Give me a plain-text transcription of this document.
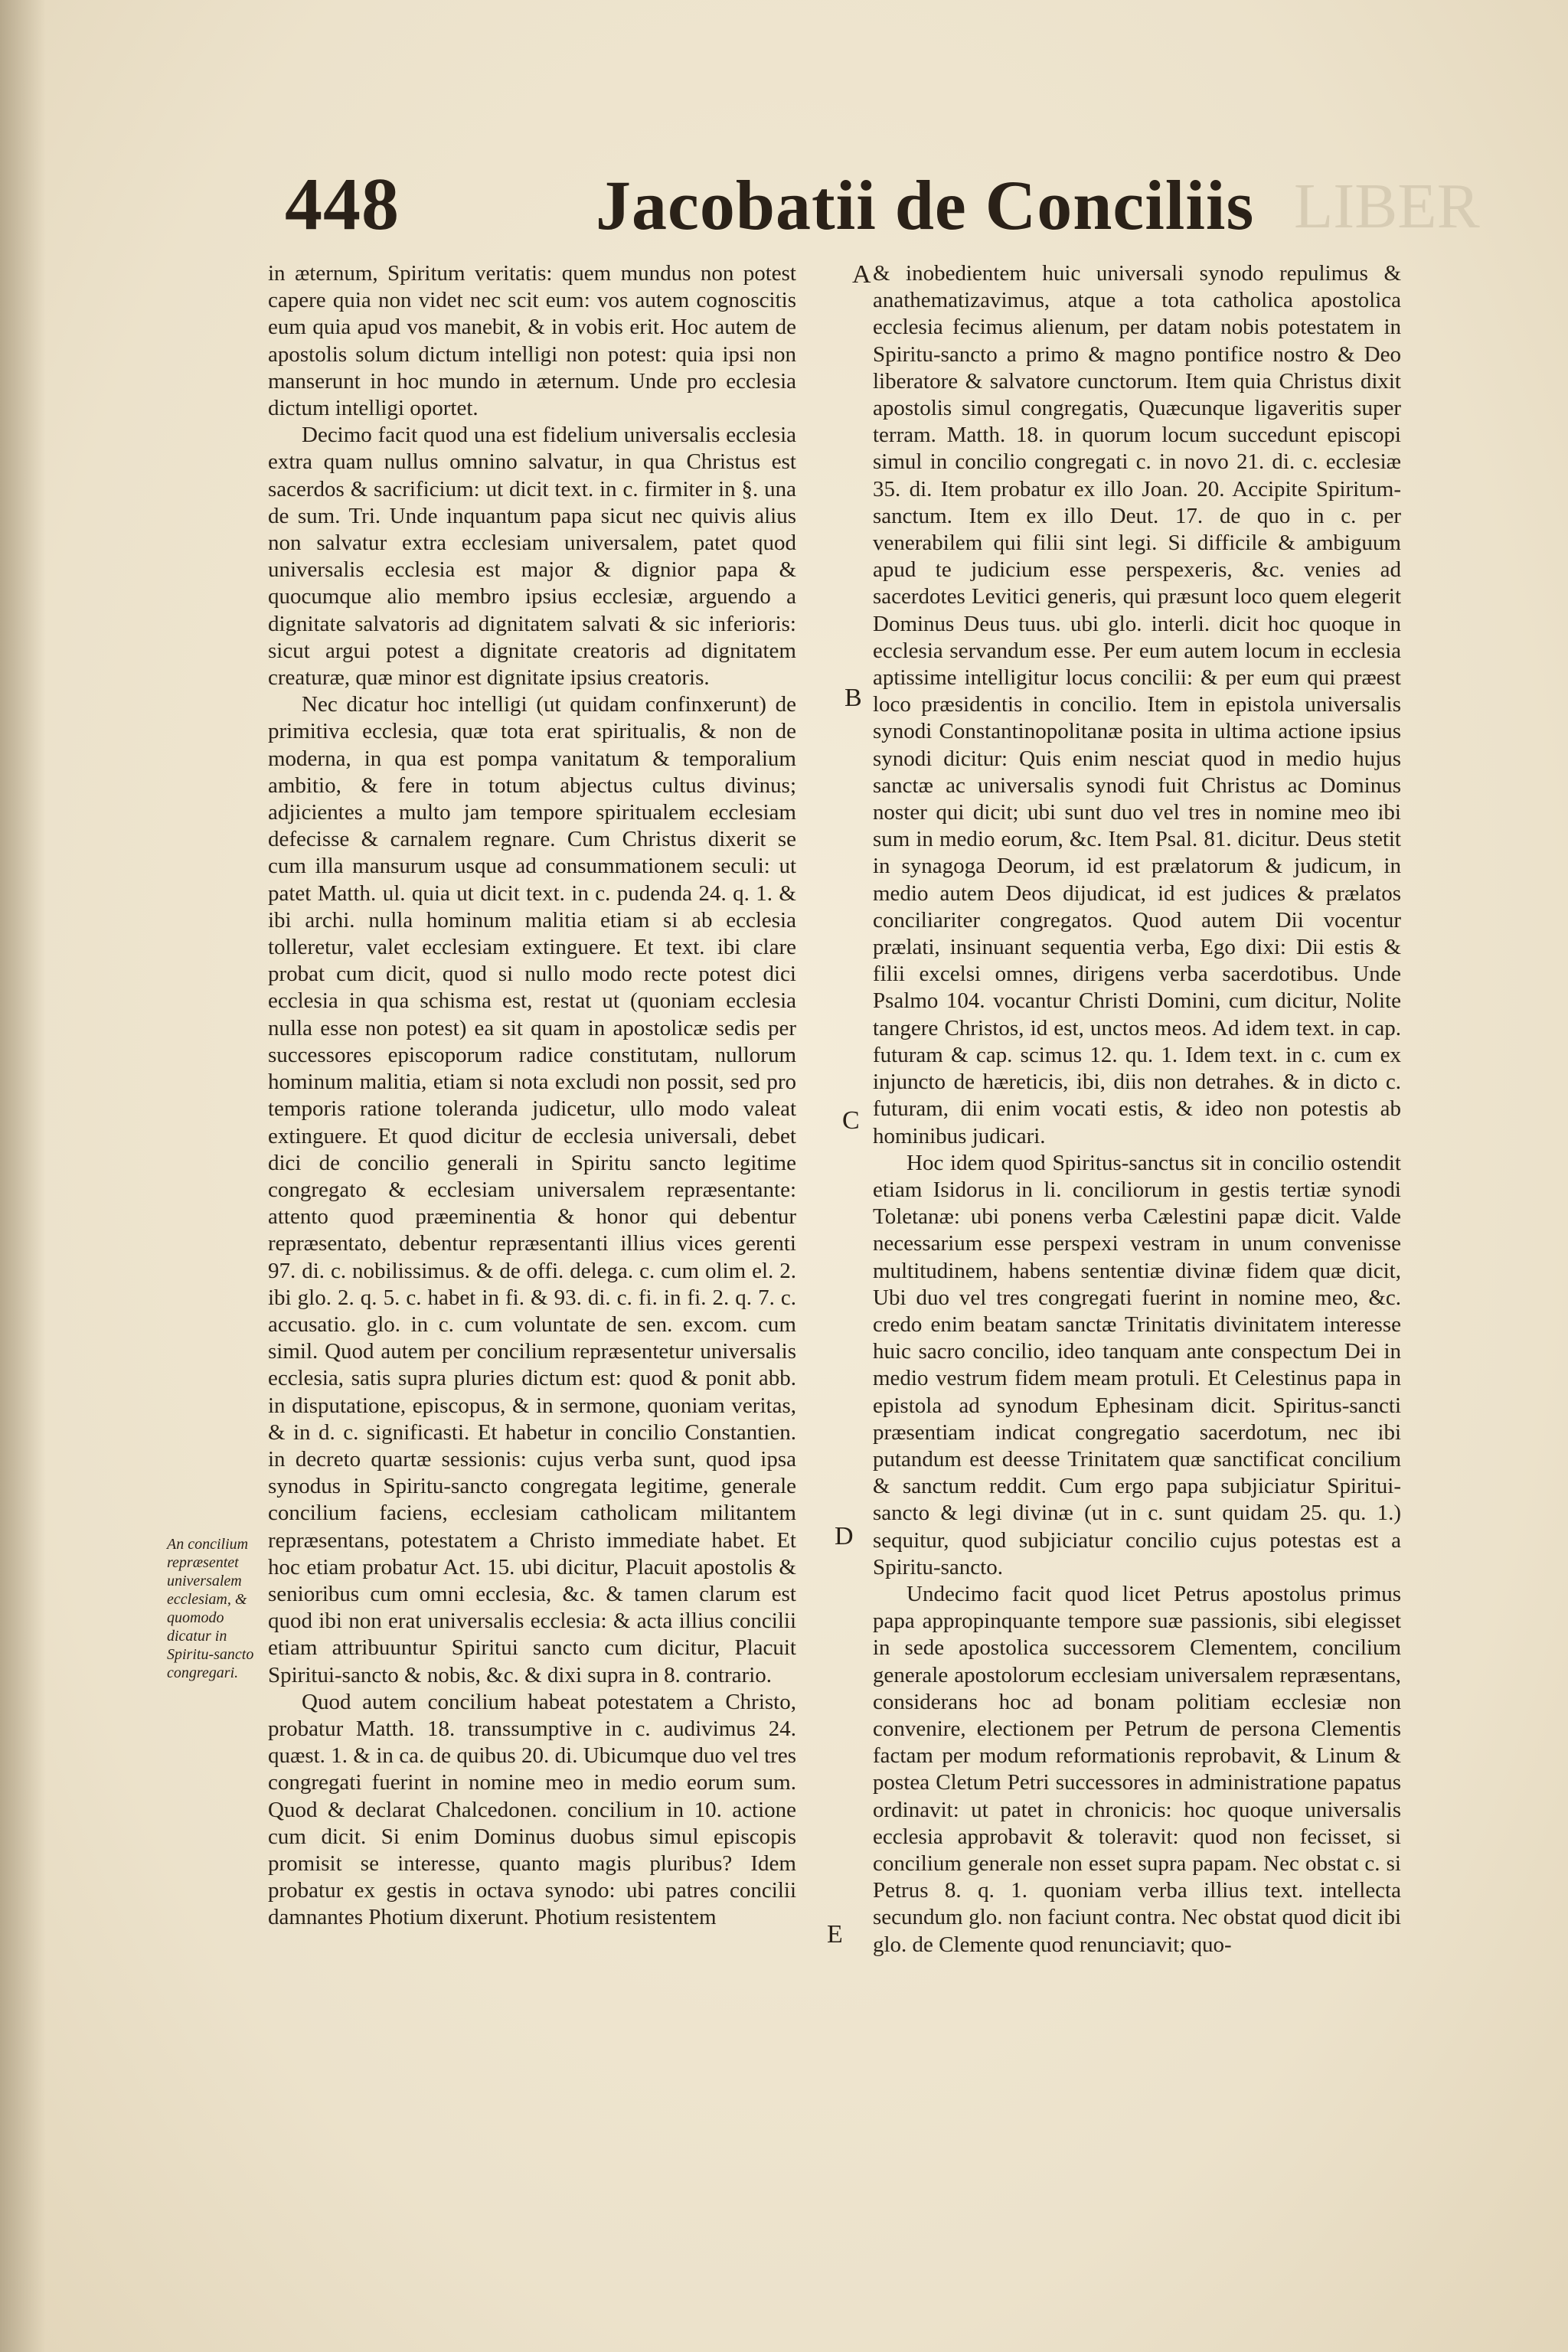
448	Jacobatii de Conciliis LIBER

in æternum, Spiritum veritatis: quem mundus non potest capere quia non videt nec scit eum: vos autem cognoscitis eum quia apud vos manebit, & in vobis erit. Hoc autem de apostolis solum dictum intelligi non potest: quia ipsi non manserunt in hoc mundo in æternum. Unde pro ecclesia dictum intelligi oportet.

Decimo facit quod una est fidelium universalis ecclesia extra quam nullus omnino salvatur, in qua Christus est sacerdos & sacrificium: ut dicit text. in c. firmiter in §. una de sum. Tri. Unde inquantum papa sicut nec quivis alius non salvatur extra ecclesiam universalem, patet quod universalis ecclesia est major & dignior papa & quocumque alio membro ipsius ecclesiæ, arguendo a dignitate salvatoris ad dignitatem salvati & sic inferioris: sicut argui potest a dignitate creatoris ad dignitatem creaturæ, quæ minor est dignitate ipsius creatoris.

Nec dicatur hoc intelligi (ut quidam confinxerunt) de primitiva ecclesia, quæ tota erat spiritualis, & non de moderna, in qua est pompa vanitatum & temporalium ambitio, & fere in totum abjectus cultus divinus; adjicientes a multo jam tempore spiritualem ecclesiam defecisse & carnalem regnare. Cum Christus dixerit se cum illa mansurum usque ad consummationem seculi: ut patet Matth. ul. quia ut dicit text. in c. pudenda 24. q. 1. & ibi archi. nulla hominum malitia etiam si ab ecclesia tolleretur, valet ecclesiam extinguere. Et text. ibi clare probat cum dicit, quod si nullo modo recte potest dici ecclesia in qua schisma est, restat ut (quoniam ecclesia nulla esse non potest) ea sit quam in apostolicæ sedis per successores episcoporum radice constitutam, nullorum hominum malitia, etiam si nota excludi non possit, sed pro temporis ratione toleranda judicetur, ullo modo valeat extinguere. Et quod dicitur de ecclesia universali, debet dici de concilio generali in Spiritu sancto legitime congregato & ecclesiam universalem repræsentante: attento quod præeminentia & honor qui debentur repræsentato, debentur repræsentanti illius vices gerenti 97. di. c. nobilissimus. & de offi. delega. c. cum olim el. 2. ibi glo. 2. q. 5. c. habet in fi. & 93. di. c. fi. in fi. 2. q. 7. c. accusatio. glo. in c. cum voluntate de sen. excom. cum simil. Quod autem per concilium repræsentetur universalis ecclesia, satis supra pluries dictum est: quod & ponit abb. in disputatione, episcopus, & in sermone, quoniam veritas, & in d. c. significasti. Et habetur in concilio Constantien. in decreto quartæ sessionis: cujus verba sunt, quod ipsa synodus in Spiritu-sancto congregata legitime, generale concilium faciens, ecclesiam catholicam militantem repræsentans, potestatem a Christo immediate habet. Et hoc etiam probatur Act. 15. ubi dicitur, Placuit apostolis & senioribus cum omni ecclesia, &c. & tamen clarum est quod ibi non erat universalis ecclesia: & acta illius concilii etiam attribuuntur Spiritui sancto cum dicitur, Placuit Spiritui-sancto & nobis, &c. & dixi supra in 8. contrario.

Quod autem concilium habeat potestatem a Christo, probatur Matth. 18. transsumptive in c. audivimus 24. quæst. 1. & in ca. de quibus 20. di. Ubicumque duo vel tres congregati fuerint in nomine meo in medio eorum sum. Quod & declarat Chalcedonen. concilium in 10. actione cum dicit. Si enim Dominus duobus simul episcopis promisit se interesse, quanto magis pluribus? Idem probatur ex gestis in octava synodo: ubi patres concilii damnantes Photium dixerunt. Photium resistentem

& inobedientem huic universali synodo repulimus & anathematizavimus, atque a tota catholica apostolica ecclesia fecimus alienum, per datam nobis potestatem in Spiritu-sancto a primo & magno pontifice nostro & Deo liberatore & salvatore cunctorum. Item quia Christus dixit apostolis simul congregatis, Quæcunque ligaveritis super terram. Matth. 18. in quorum locum succedunt episcopi simul in concilio congregati c. in novo 21. di. c. ecclesiæ 35. di. Item probatur ex illo Joan. 20. Accipite Spiritum-sanctum. Item ex illo Deut. 17. de quo in c. per venerabilem qui filii sint legi. Si difficile & ambiguum apud te judicium esse perspexeris, &c. venies ad sacerdotes Levitici generis, qui præsunt loco quem elegerit Dominus Deus tuus. ubi glo. interli. dicit hoc quoque in ecclesia servandum esse. Per eum autem locum in ecclesia aptissime intelligitur locus concilii: & per eum qui præest loco præsidentis in concilio. Item in epistola universalis synodi Constantinopolitanæ posita in ultima actione ipsius synodi dicitur: Quis enim nesciat quod in medio hujus sanctæ ac universalis synodi fuit Christus ac Dominus noster qui dicit; ubi sunt duo vel tres in nomine meo ibi sum in medio eorum, &c. Item Psal. 81. dicitur. Deus stetit in synagoga Deorum, id est prælatorum & judicum, in medio autem Deos dijudicat, id est judices & prælatos conciliariter congregatos. Quod autem Dii vocentur prælati, insinuant sequentia verba, Ego dixi: Dii estis & filii excelsi omnes, dirigens verba sacerdotibus. Unde Psalmo 104. vocantur Christi Domini, cum dicitur, Nolite tangere Christos, id est, unctos meos. Ad idem text. in cap. futuram & cap. scimus 12. qu. 1. Idem text. in c. cum ex injuncto de hæreticis, ibi, diis non detrahes. & in dicto c. futuram, dii enim vocati estis, & ideo non potestis ab hominibus judicari.

Hoc idem quod Spiritus-sanctus sit in concilio ostendit etiam Isidorus in li. conciliorum in gestis tertiæ synodi Toletanæ: ubi ponens verba Cælestini papæ dicit. Valde necessarium esse perspexi vestram in unum convenisse multitudinem, habens sententiæ divinæ fidem quæ dicit, Ubi duo vel tres congregati fuerint in nomine meo, &c. credo enim beatam sanctæ Trinitatis divinitatem interesse huic sacro concilio, ideo tanquam ante conspectum Dei in medio vestrum fidem meam protuli. Et Celestinus papa in epistola ad synodum Ephesinam dicit. Spiritus-sancti præsentiam indicat congregatio sacerdotum, nec ibi putandum est deesse Trinitatem quæ sanctificat concilium & sanctum reddit. Cum ergo papa subjiciatur Spiritui-sancto & legi divinæ (ut in c. sunt quidam 25. qu. 1.) sequitur, quod subjiciatur concilio cujus potestas est a Spiritu-sancto.

Undecimo facit quod licet Petrus apostolus primus papa appropinquante tempore suæ passionis, sibi elegisset in sede apostolica successorem Clementem, concilium generale apostolorum ecclesiam universalem repræsentans, considerans hoc ad bonam politiam ecclesiæ non convenire, electionem per Petrum de persona Clementis factam per modum reformationis reprobavit, & Linum & postea Cletum Petri successores in administratione papatus ordinavit: ut patet in chronicis: hoc quoque universalis ecclesia approbavit & toleravit: quod non fecisset, si concilium generale non esset supra papam. Nec obstat c. si Petrus 8. q. 1. quoniam verba illius text. intellecta secundum glo. non faciunt contra. Nec obstat quod dicit ibi glo. de Clemente quod renunciavit; quo-

A
B
C
D
E
An concilium repræsentet universalem ecclesiam, & quomodo dicatur in Spiritu-sancto congregari.
